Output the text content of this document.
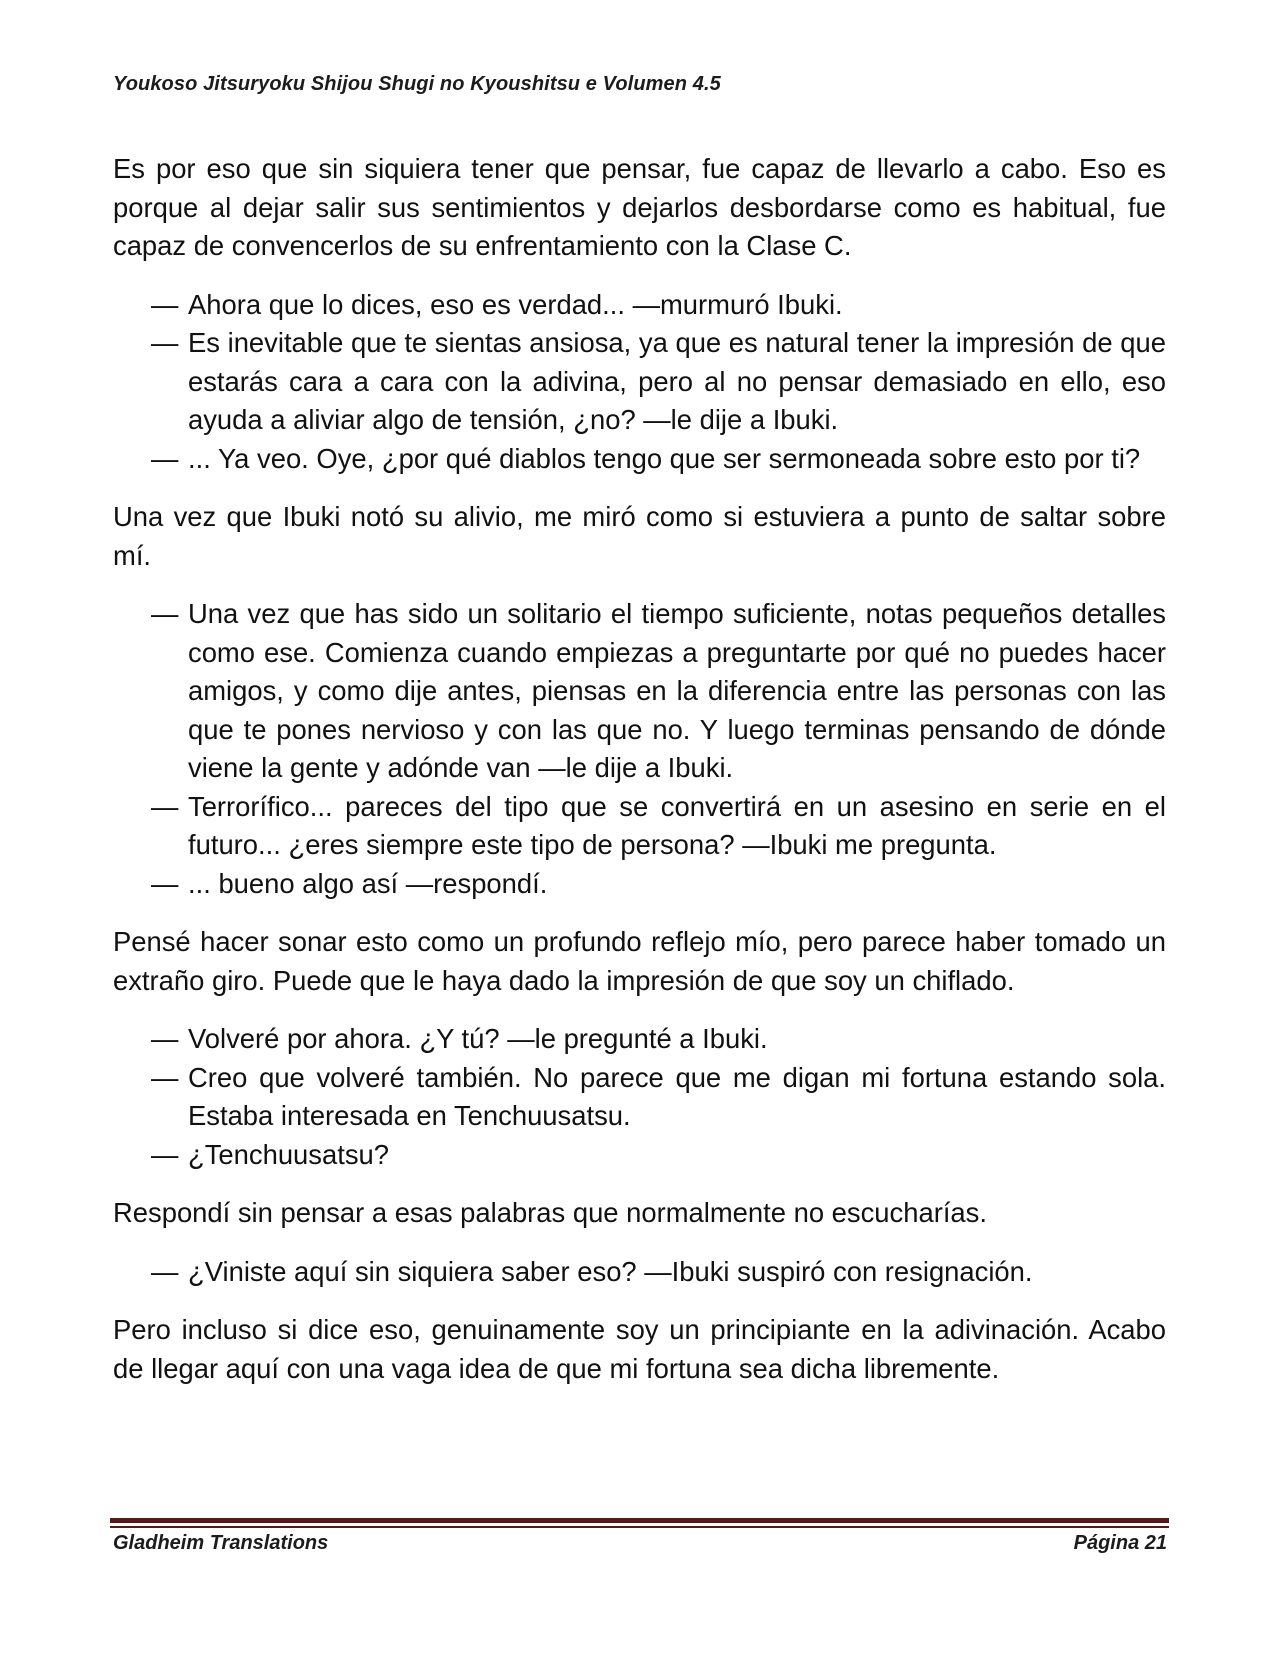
Youkoso Jitsuryoku Shijou Shugi no Kyoushitsu e Volumen 4.5

Es por eso que sin siquiera tener que pensar, fue capaz de llevarlo a cabo. Eso es porque al dejar salir sus sentimientos y dejarlos desbordarse como es habitual, fue capaz de convencerlos de su enfrentamiento con la Clase C.

— Ahora que lo dices, eso es verdad... —murmuró Ibuki.

— Es inevitable que te sientas ansiosa, ya que es natural tener la impresión de que estarás cara a cara con la adivina, pero al no pensar demasiado en ello, eso ayuda a aliviar algo de tensión, ¿no? —le dije a Ibuki.

— ... Ya veo. Oye, ¿por qué diablos tengo que ser sermoneada sobre esto por ti?

Una vez que Ibuki notó su alivio, me miró como si estuviera a punto de saltar sobre mí.

— Una vez que has sido un solitario el tiempo suficiente, notas pequeños detalles como ese. Comienza cuando empiezas a preguntarte por qué no puedes hacer amigos, y como dije antes, piensas en la diferencia entre las personas con las que te pones nervioso y con las que no. Y luego terminas pensando de dónde viene la gente y adónde van —le dije a Ibuki.

— Terrorífico... pareces del tipo que se convertirá en un asesino en serie en el futuro... ¿eres siempre este tipo de persona? —Ibuki me pregunta.

— ... bueno algo así —respondí.

Pensé hacer sonar esto como un profundo reflejo mío, pero parece haber tomado un extraño giro. Puede que le haya dado la impresión de que soy un chiflado.

— Volveré por ahora. ¿Y tú? —le pregunté a Ibuki.

— Creo que volveré también. No parece que me digan mi fortuna estando sola. Estaba interesada en Tenchuusatsu.

— ¿Tenchuusatsu?

Respondí sin pensar a esas palabras que normalmente no escucharías.

— ¿Viniste aquí sin siquiera saber eso? —Ibuki suspiró con resignación.

Pero incluso si dice eso, genuinamente soy un principiante en la adivinación. Acabo de llegar aquí con una vaga idea de que mi fortuna sea dicha libremente.

Gladheim Translations	Página 21
